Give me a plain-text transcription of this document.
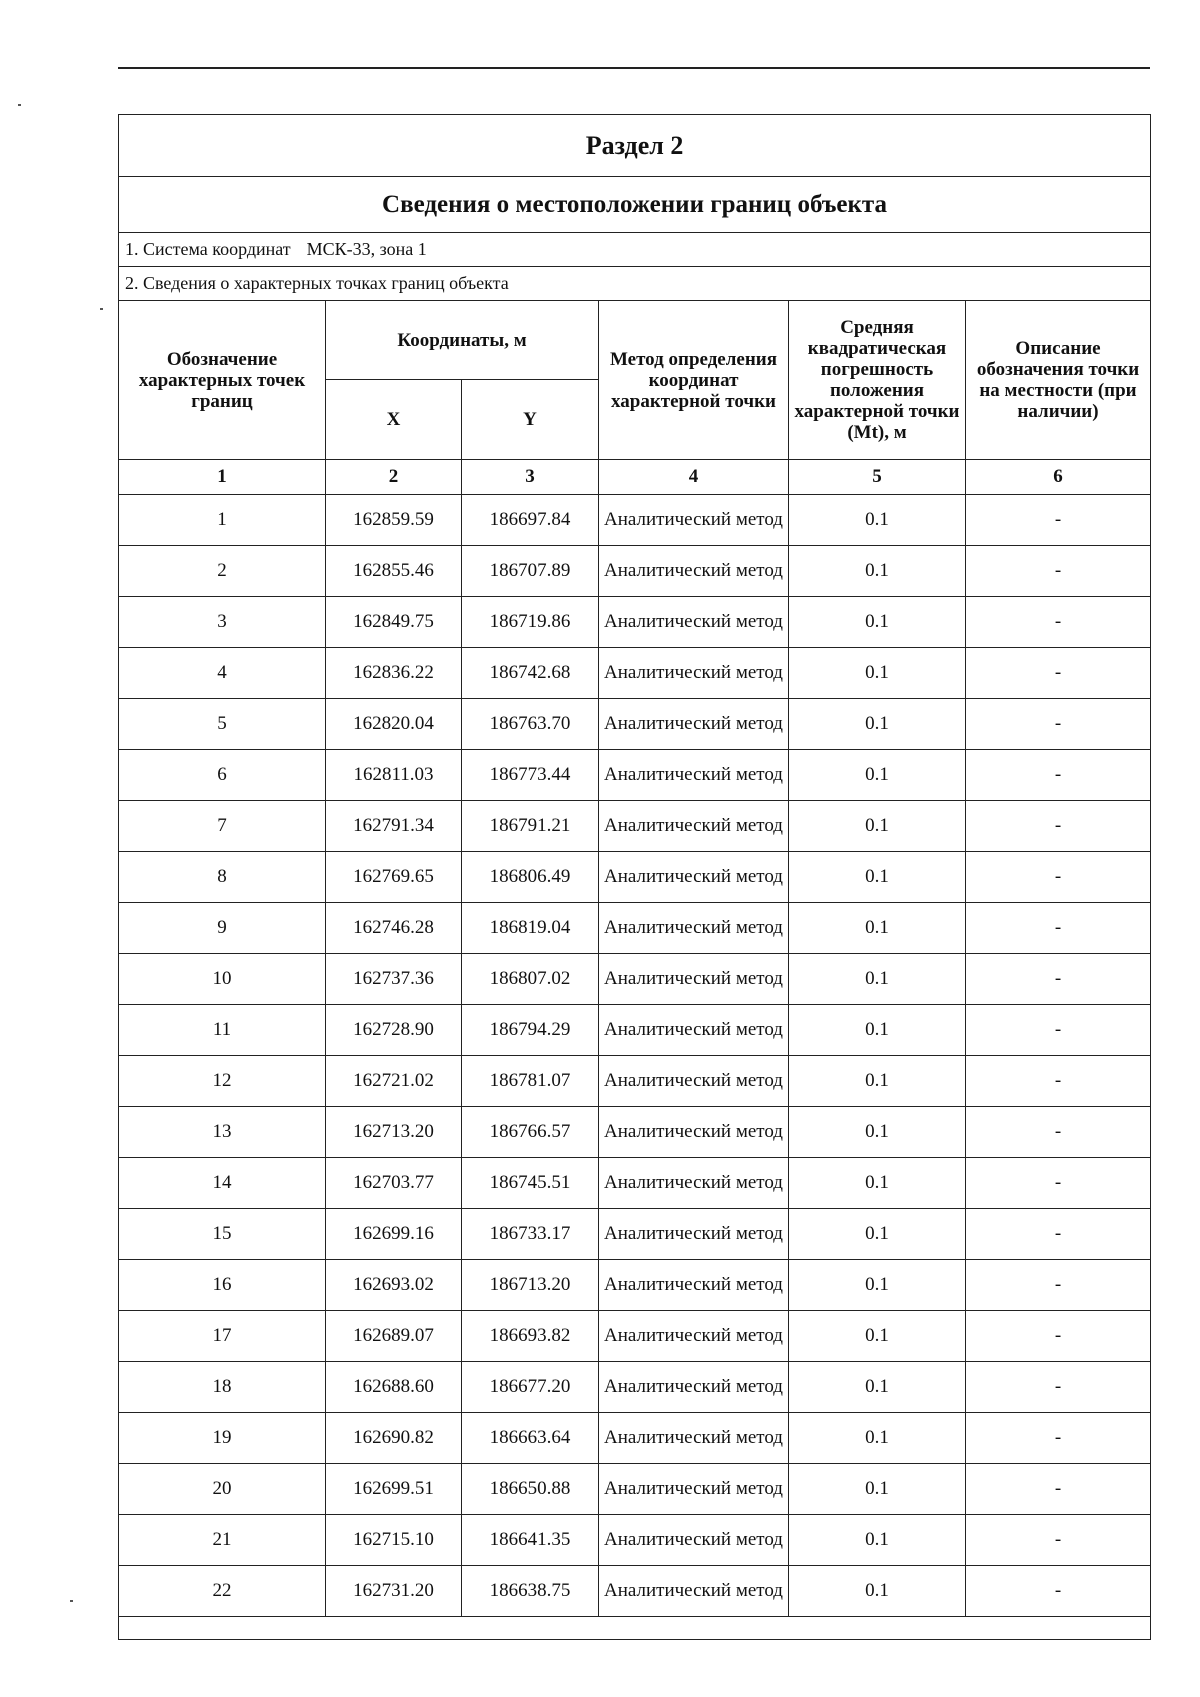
Раздел 2					
Сведения о местоположении границ объекта					
1. Система координат МСК-33, зона 1					
2. Сведения о характерных точках границ объекта					
Обозначение характерных точек границ	Координаты, м		Метод определения координат характерной точки	Средняя квадратическая погрешность положения характерной точки (Mt), м	Описание обозначения точки на местности (при наличии)
	X	Y			
1	2	3	4	5	6
1	162859.59	186697.84	Аналитический метод	0.1	-
2	162855.46	186707.89	Аналитический метод	0.1	-
3	162849.75	186719.86	Аналитический метод	0.1	-
4	162836.22	186742.68	Аналитический метод	0.1	-
5	162820.04	186763.70	Аналитический метод	0.1	-
6	162811.03	186773.44	Аналитический метод	0.1	-
7	162791.34	186791.21	Аналитический метод	0.1	-
8	162769.65	186806.49	Аналитический метод	0.1	-
9	162746.28	186819.04	Аналитический метод	0.1	-
10	162737.36	186807.02	Аналитический метод	0.1	-
11	162728.90	186794.29	Аналитический метод	0.1	-
12	162721.02	186781.07	Аналитический метод	0.1	-
13	162713.20	186766.57	Аналитический метод	0.1	-
14	162703.77	186745.51	Аналитический метод	0.1	-
15	162699.16	186733.17	Аналитический метод	0.1	-
16	162693.02	186713.20	Аналитический метод	0.1	-
17	162689.07	186693.82	Аналитический метод	0.1	-
18	162688.60	186677.20	Аналитический метод	0.1	-
19	162690.82	186663.64	Аналитический метод	0.1	-
20	162699.51	186650.88	Аналитический метод	0.1	-
21	162715.10	186641.35	Аналитический метод	0.1	-
22	162731.20	186638.75	Аналитический метод	0.1	-
